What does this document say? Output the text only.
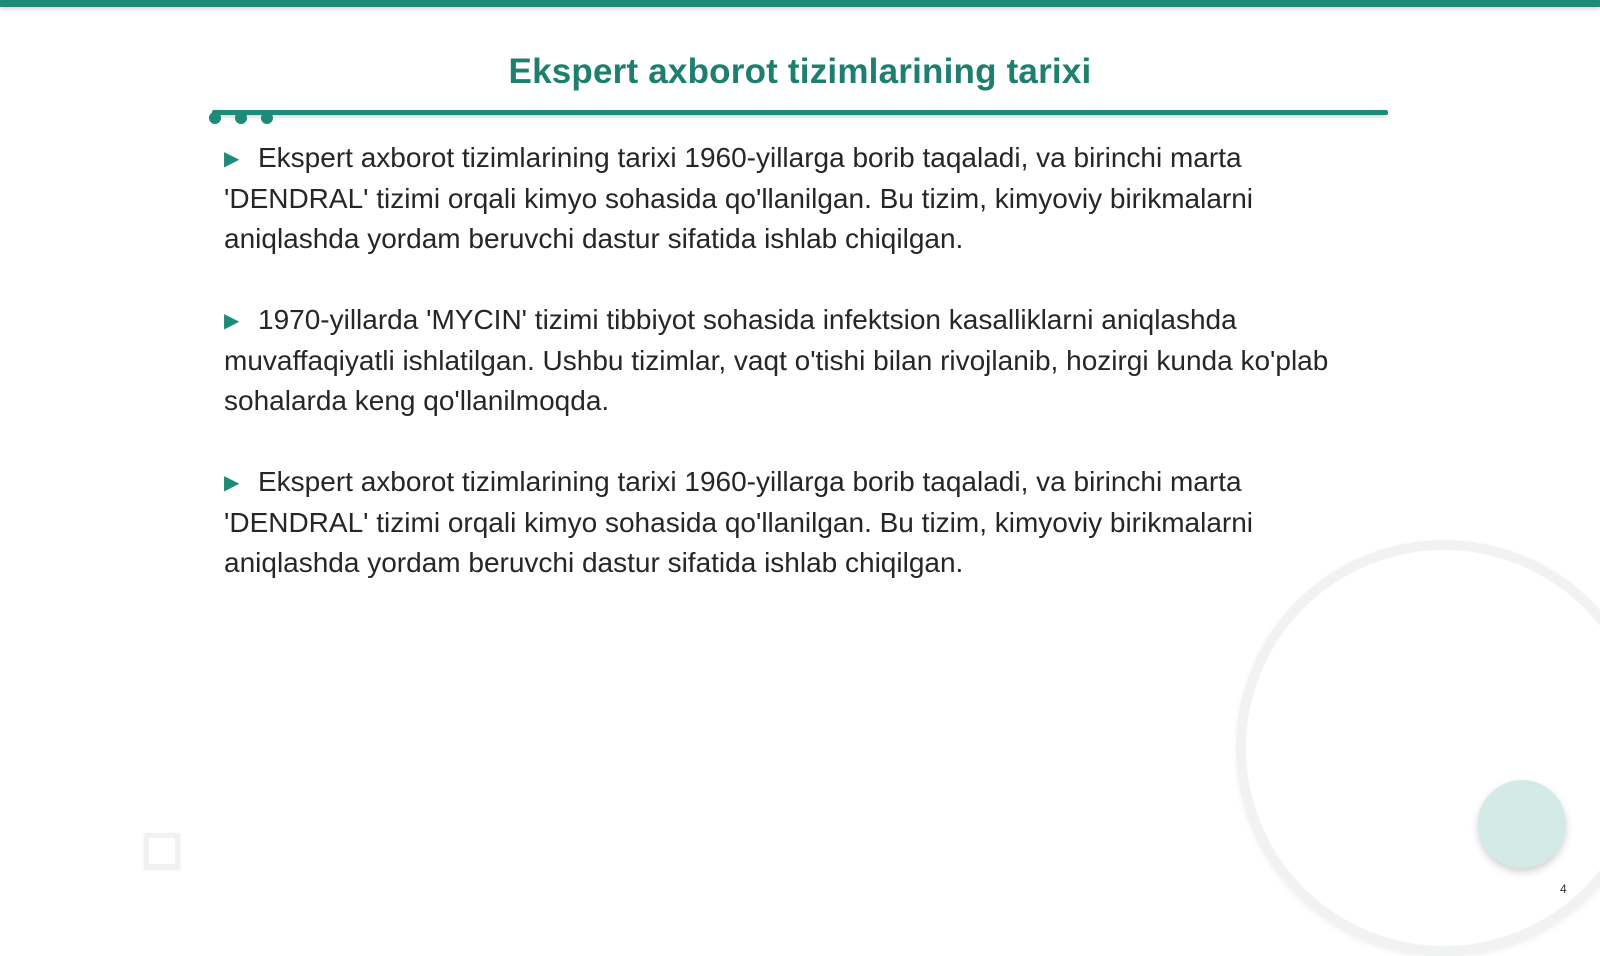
Ekspert axborot tizimlarining tarixi

▶ Ekspert axborot tizimlarining tarixi 1960-yillarga borib taqaladi, va birinchi marta 'DENDRAL' tizimi orqali kimyo sohasida qo'llanilgan. Bu tizim, kimyoviy birikmalarni aniqlashda yordam beruvchi dastur sifatida ishlab chiqilgan.

▶ 1970-yillarda 'MYCIN' tizimi tibbiyot sohasida infektsion kasalliklarni aniqlashda muvaffaqiyatli ishlatilgan. Ushbu tizimlar, vaqt o'tishi bilan rivojlanib, hozirgi kunda ko'plab sohalarda keng qo'llanilmoqda.

▶ Ekspert axborot tizimlarining tarixi 1960-yillarga borib taqaladi, va birinchi marta 'DENDRAL' tizimi orqali kimyo sohasida qo'llanilgan. Bu tizim, kimyoviy birikmalarni aniqlashda yordam beruvchi dastur sifatida ishlab chiqilgan.

4
